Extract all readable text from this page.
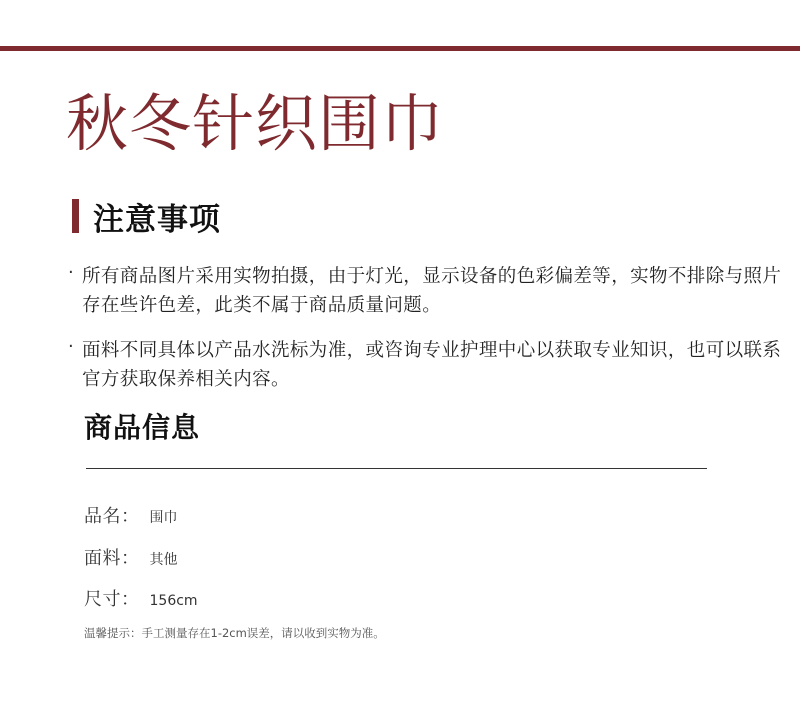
秋冬针织围巾
注意事项
· 所有商品图片采用实物拍摄，由于灯光，显示设备的色彩偏差等，实物不排除与照片存在些许色差，此类不属于商品质量问题。
· 面料不同具体以产品水洗标为准，或咨询专业护理中心以获取专业知识，也可以联系官方获取保养相关内容。
商品信息
品名： 围巾
面料： 其他
尺寸： 156cm
温馨提示：手工测量存在1-2cm误差，请以收到实物为准。
